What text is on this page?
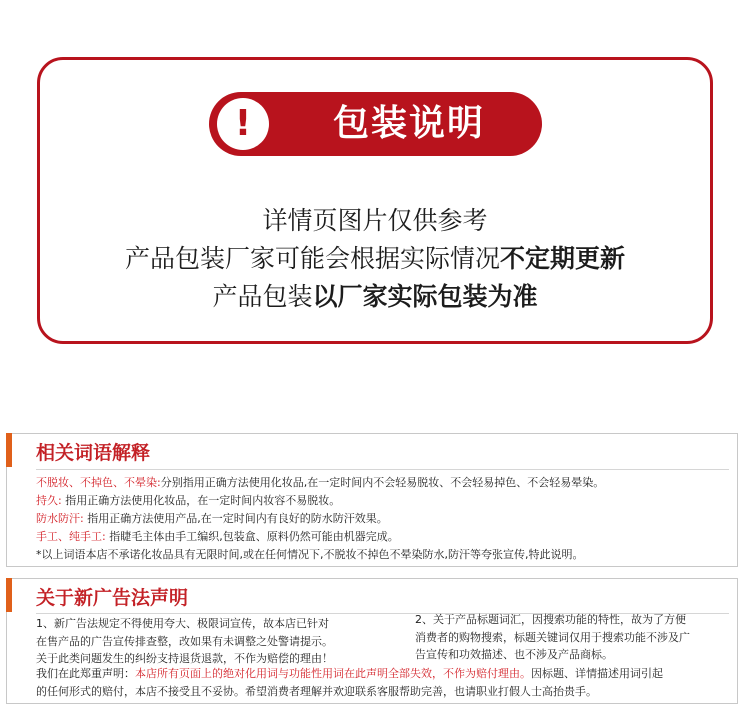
!	包装说明
详情页图片仅供参考
产品包装厂家可能会根据实际情况不定期更新
产品包装以厂家实际包装为准
相关词语解释
不脱妆、不掉色、不晕染:分别指用正确方法使用化妆品,在一定时间内不会轻易脱妆、不会轻易掉色、不会轻易晕染。
持久: 指用正确方法使用化妆品，在一定时间内妆容不易脱妆。
防水防汗: 指用正确方法使用产品,在一定时间内有良好的防水防汗效果。
手工、纯手工: 指睫毛主体由手工编织,包装盒、原料仍然可能由机器完成。
*以上词语本店不承诺化妆品具有无限时间,或在任何情况下,不脱妆不掉色不晕染防水,防汗等夸张宣传,特此说明。
关于新广告法声明
1、新广告法规定不得使用夸大、极限词宣传，故本店已针对
在售产品的广告宣传排查整，改如果有未调整之处警请提示。
关于此类问题发生的纠纷支持退货退款，不作为赔偿的理由！
2、关于产品标题词汇，因搜索功能的特性，故为了方便
消费者的购物搜索，标题关键词仅用于搜索功能不涉及广
告宣传和功效描述、也不涉及产品商标。
我们在此郑重声明：本店所有页面上的绝对化用词与功能性用词在此声明全部失效，不作为赔付理由。因标题、详情描述用词引起
的任何形式的赔付，本店不接受且不妥协。希望消费者理解并欢迎联系客服帮助完善，也请职业打假人士高抬贵手。
